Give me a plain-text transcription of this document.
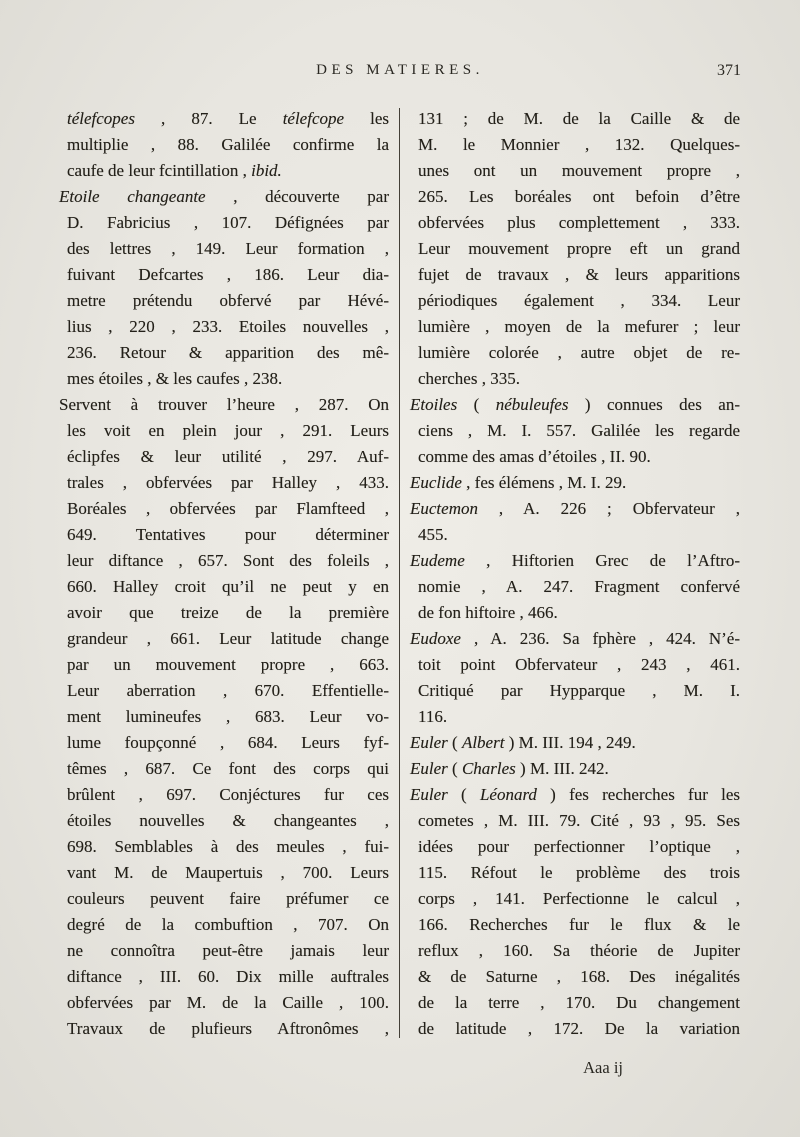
DES MATIERES.	371
télefcopes , 87. Le télefcope les
multiplie , 88. Galilée confirme la
caufe de leur fcintillation , ibid.
Etoile changeante , découverte par
D. Fabricius , 107. Défignées par
des lettres , 149. Leur formation ,
fuivant Defcartes , 186. Leur dia-
metre prétendu obfervé par Hévé-
lius , 220 , 233. Etoiles nouvelles ,
236. Retour & apparition des mê-
mes étoiles , & les caufes , 238.
Servent à trouver l’heure , 287. On
les voit en plein jour , 291. Leurs
éclipfes & leur utilité , 297. Auf-
trales , obfervées par Halley , 433.
Boréales , obfervées par Flamfteed ,
649. Tentatives pour déterminer
leur diftance , 657. Sont des foleils ,
660. Halley croit qu’il ne peut y en
avoir que treize de la première
grandeur , 661. Leur latitude change
par un mouvement propre , 663.
Leur aberration , 670. Effentielle-
ment lumineufes , 683. Leur vo-
lume foupçonné , 684. Leurs fyf-
têmes , 687. Ce font des corps qui
brûlent , 697. Conjéctures fur ces
étoiles nouvelles & changeantes ,
698. Semblables à des meules , fui-
vant M. de Maupertuis , 700. Leurs
couleurs peuvent faire préfumer ce
degré de la combuftion , 707. On
ne connoîtra peut-être jamais leur
diftance , III. 60. Dix mille auftrales
obfervées par M. de la Caille , 100.
Travaux de plufieurs Aftronômes ,
131 ; de M. de la Caille & de
M. le Monnier , 132. Quelques-
unes ont un mouvement propre ,
265. Les boréales ont befoin d’être
obfervées plus complettement , 333.
Leur mouvement propre eft un grand
fujet de travaux , & leurs apparitions
périodiques également , 334. Leur
lumière , moyen de la mefurer ; leur
lumière colorée , autre objet de re-
cherches , 335.
Etoiles ( nébuleufes ) connues des an-
ciens , M. I. 557. Galilée les regarde
comme des amas d’étoiles , II. 90.
Euclide , fes élémens , M. I. 29.
Euctemon , A. 226 ; Obfervateur ,
455.
Eudeme , Hiftorien Grec de l’Aftro-
nomie , A. 247. Fragment confervé
de fon hiftoire , 466.
Eudoxe , A. 236. Sa fphère , 424. N’é-
toit point Obfervateur , 243 , 461.
Critiqué par Hypparque , M. I.
116.
Euler ( Albert ) M. III. 194 , 249.
Euler ( Charles ) M. III. 242.
Euler ( Léonard ) fes recherches fur les
cometes , M. III. 79. Cité , 93 , 95. Ses
idées pour perfectionner l’optique ,
115. Réfout le problème des trois
corps , 141. Perfectionne le calcul ,
166. Recherches fur le flux & le
reflux , 160. Sa théorie de Jupiter
& de Saturne , 168. Des inégalités
de la terre , 170. Du changement
de latitude , 172. De la variation
Aaa ij
